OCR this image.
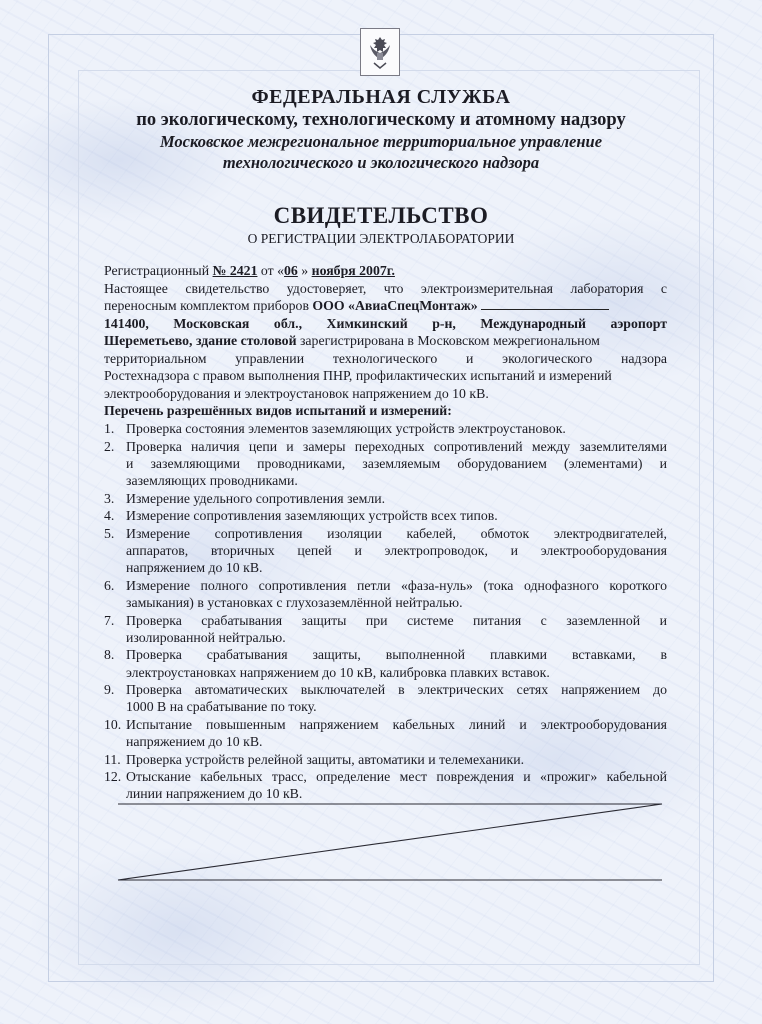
ФЕДЕРАЛЬНАЯ СЛУЖБА
по экологическому, технологическому и атомному надзору
Московское межрегиональное территориальное управление
технологического и экологического надзора
СВИДЕТЕЛЬСТВО
О РЕГИСТРАЦИИ ЭЛЕКТРОЛАБОРАТОРИИ
Регистрационный № 2421 от «06 » ноября 2007г.
Настоящее свидетельство удостоверяет, что электроизмерительная лаборатория с
переносным комплектом приборов ООО «АвиаСпецМонтаж»
141400, Московская обл., Химкинский р-н, Международный аэропорт
Шереметьево, здание столовой зарегистрирована в Московском межрегиональном
территориальном управлении технологического и экологического надзора
Ростехнадзора с правом выполнения ПНР, профилактических испытаний и измерений
электрооборудования и электроустановок напряжением до 10 кВ.
Перечень разрешённых видов испытаний и измерений:
1. Проверка состояния элементов заземляющих устройств электроустановок.
2. Проверка наличия цепи и замеры переходных сопротивлений между заземлителями
и заземляющими проводниками, заземляемым оборудованием (элементами) и
заземляющих проводниками.
3. Измерение удельного сопротивления земли.
4. Измерение сопротивления заземляющих устройств всех типов.
5. Измерение сопротивления изоляции кабелей, обмоток электродвигателей,
аппаратов, вторичных цепей и электропроводок, и электрооборудования
напряжением до 10 кВ.
6. Измерение полного сопротивления петли «фаза-нуль» (тока однофазного короткого
замыкания) в установках с глухозаземлённой нейтралью.
7. Проверка срабатывания защиты при системе питания с заземленной и
изолированной нейтралью.
8. Проверка срабатывания защиты, выполненной плавкими вставками, в
электроустановках напряжением до 10 кВ, калибровка плавких вставок.
9. Проверка автоматических выключателей в электрических сетях напряжением до
1000 В на срабатывание по току.
10. Испытание повышенным напряжением кабельных линий и электрооборудования
напряжением до 10 кВ.
11. Проверка устройств релейной защиты, автоматики и телемеханики.
12. Отыскание кабельных трасс, определение мест повреждения и «прожиг» кабельной
линии напряжением до 10 кВ.
